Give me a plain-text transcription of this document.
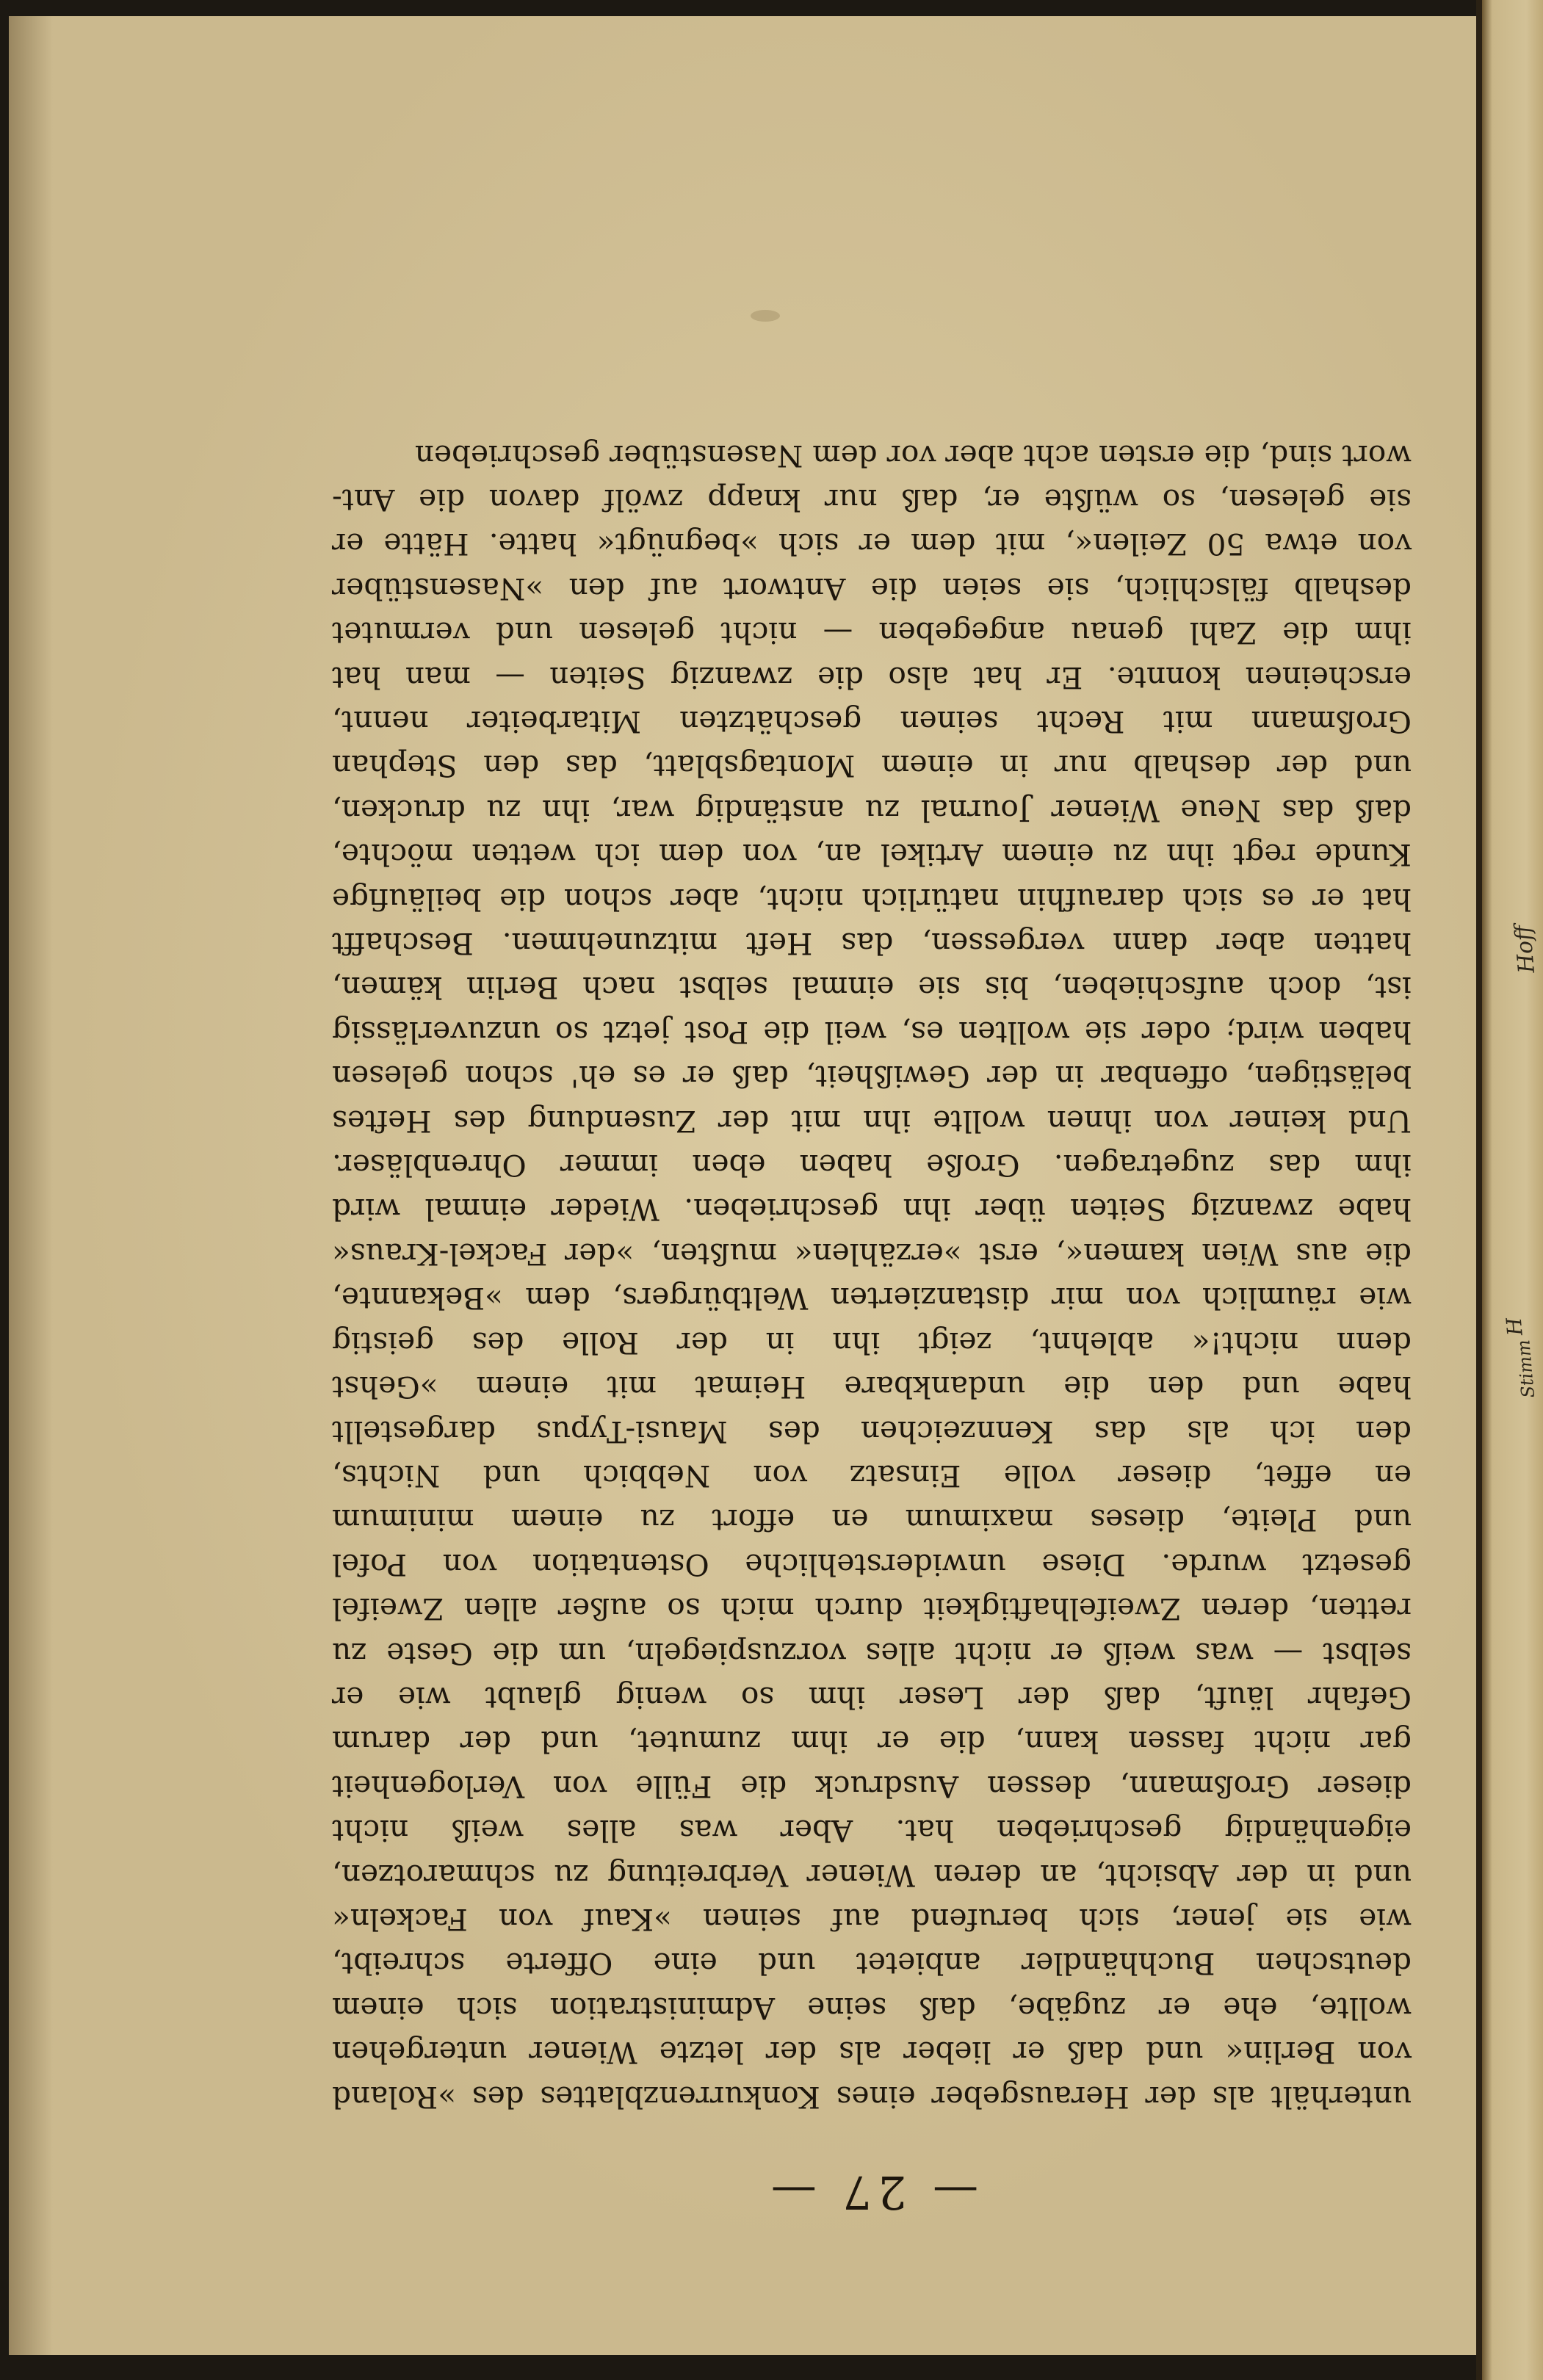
— 27 —
unterhält als der Herausgeber eines Konkurrenzblattes des »Roland
von Berlin« und daß er lieber als der letzte Wiener untergehen
wollte, ehe er zugäbe, daß seine Administration sich einem
deutschen Buchhändler anbietet und eine Offerte schreibt,
wie sie jener, sich berufend auf seinen »Kauf von Fackeln«
und in der Absicht, an deren Wiener Verbreitung zu schmarotzen,
eigenhändig geschrieben hat. Aber was alles weiß nicht
dieser Großmann, dessen Ausdruck die Fülle von Verlogenheit
gar nicht fassen kann, die er ihm zumutet, und der darum
Gefahr läuft, daß der Leser ihm so wenig glaubt wie er
selbst — was weiß er nicht alles vorzuspiegeln, um die Geste zu
retten, deren Zweifelhaftigkeit durch mich so außer allen Zweifel
gesetzt wurde. Diese unwiderstehliche Ostentation von Pofel
und Pleite, dieses maximum en effort zu einem minimum
en effet, dieser volle Einsatz von Nebbich und Nichts,
den ich als das Kennzeichen des Mausi-Typus dargestellt
habe und den die undankbare Heimat mit einem »Gehst
denn nicht!« ablehnt, zeigt ihn in der Rolle des geistig
wie räumlich von mir distanzierten Weltbürgers, dem »Bekannte,
die aus Wien kamen«, erst »erzählen« mußten, »der Fackel-Kraus«
habe zwanzig Seiten über ihn geschrieben. Wieder einmal wird
ihm das zugetragen. Große haben eben immer Ohrenbläser.
Und keiner von ihnen wollte ihn mit der Zusendung des Heftes
belästigen, offenbar in der Gewißheit, daß er es eh' schon gelesen
haben wird; oder sie wollten es, weil die Post jetzt so unzuverlässig
ist, doch aufschieben, bis sie einmal selbst nach Berlin kämen,
hatten aber dann vergessen, das Heft mitzunehmen. Beschafft
hat er es sich daraufhin natürlich nicht, aber schon die beiläufige
Kunde regt ihn zu einem Artikel an, von dem ich wetten möchte,
daß das Neue Wiener Journal zu anständig war, ihn zu drucken,
und der deshalb nur in einem Montagsblatt, das den Stephan
Großmann mit Recht seinen geschätzten Mitarbeiter nennt,
erscheinen konnte. Er hat also die zwanzig Seiten — man hat
ihm die Zahl genau angegeben — nicht gelesen und vermutet
deshalb fälschlich, sie seien die Antwort auf den »Nasenstüber
von etwa 50 Zeilen«, mit dem er sich »begnügt« hatte. Hätte er
sie gelesen, so wüßte er, daß nur knapp zwölf davon die Ant-
wort sind, die ersten acht aber vor dem Nasenstüber geschrieben
Hoff
H
Stimm
